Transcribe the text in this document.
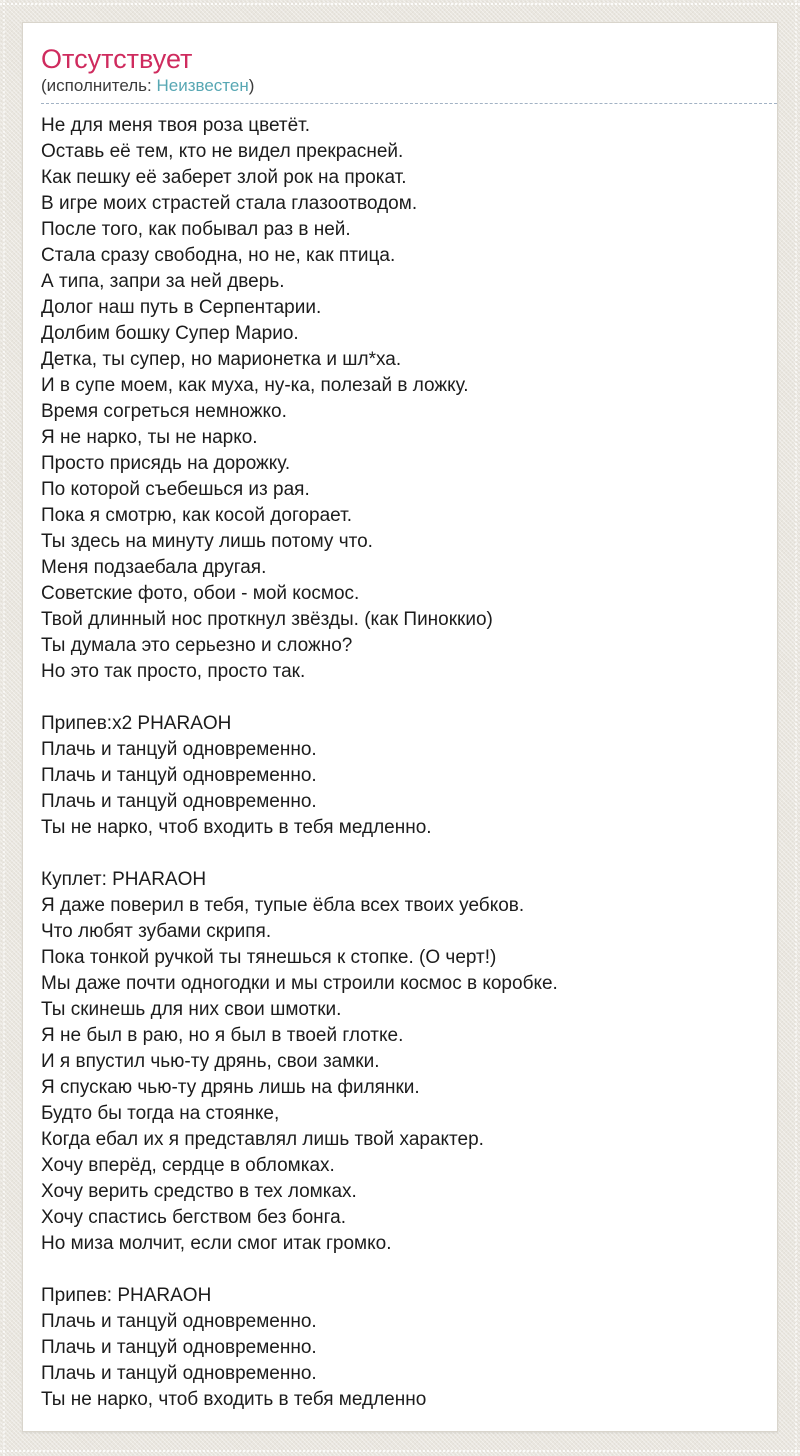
Отсутствует
(исполнитель: Неизвестен)
Не для меня твоя роза цветёт.
Оставь её тем, кто не видел прекрасней.
Как пешку её заберет злой рок на прокат.
В игре моих страстей стала глазоотводом.
После того, как побывал раз в ней.
Стала сразу свободна, но не, как птица.
А типа, запри за ней дверь.
Долог наш путь в Серпентарии.
Долбим бошку Супер Марио.
Детка, ты супер, но марионетка и шл*ха.
И в супе моем, как муха, ну-ка, полезай в ложку.
Время согреться немножко.
Я не нарко, ты не нарко.
Просто присядь на дорожку.
По которой съебешься из рая.
Пока я смотрю, как косой догорает.
Ты здесь на минуту лишь потому что.
Меня подзаебала другая.
Советские фото, обои - мой космос.
Твой длинный нос проткнул звёзды. (как Пиноккио)
Ты думала это серьезно и сложно?
Но это так просто, просто так.

Припев:x2 PHARAOH
Плачь и танцуй одновременно.
Плачь и танцуй одновременно.
Плачь и танцуй одновременно.
Ты не нарко, чтоб входить в тебя медленно.

Куплет: PHARAOH
Я даже поверил в тебя, тупые ёбла всех твоих уебков.
Что любят зубами скрипя.
Пока тонкой ручкой ты тянешься к стопке. (О черт!)
Мы даже почти одногодки и мы строили космос в коробке.
Ты скинешь для них свои шмотки.
Я не был в раю, но я был в твоей глотке.
И я впустил чью-ту дрянь, свои замки.
Я спускаю чью-ту дрянь лишь на филянки.
Будто бы тогда на стоянке,
Когда ебал их я представлял лишь твой характер.
Хочу вперёд, сердце в обломках.
Хочу верить средство в тех ломках.
Хочу спастись бегством без бонга.
Но миза молчит, если смог итак громко.

Припев: PHARAOH
Плачь и танцуй одновременно.
Плачь и танцуй одновременно.
Плачь и танцуй одновременно.
Ты не нарко, чтоб входить в тебя медленно
